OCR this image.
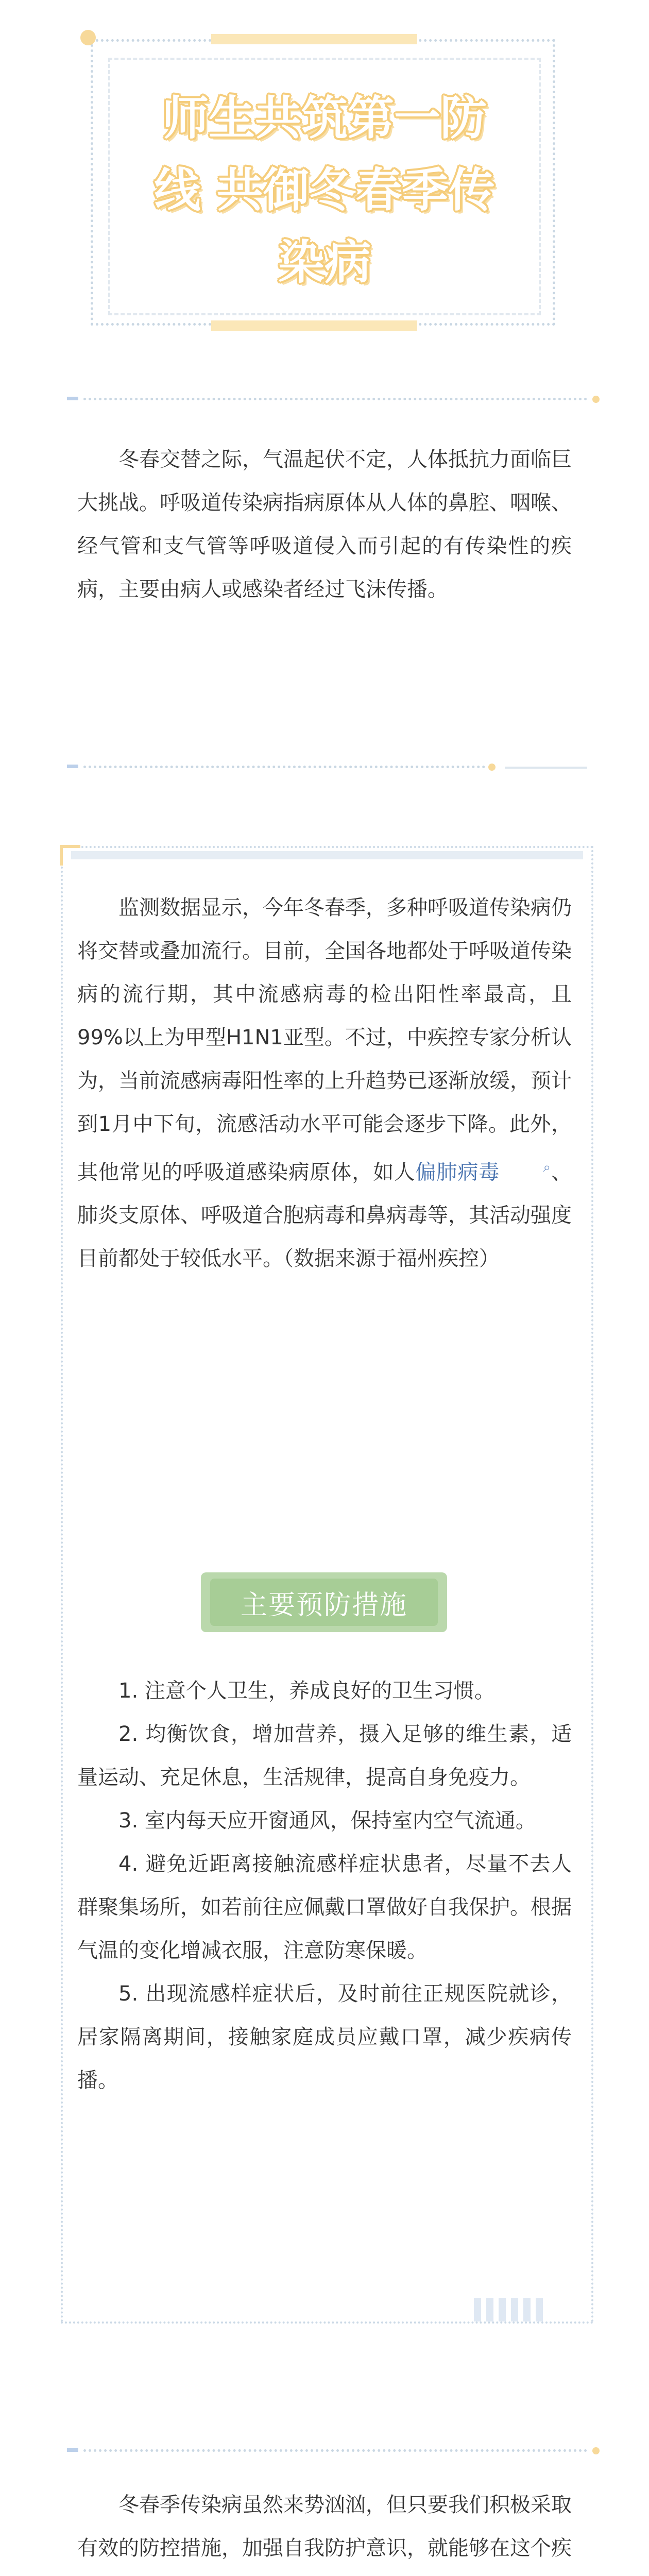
师生共筑第一防
线 共御冬春季传
染病

冬春交替之际，气温起伏不定，人体抵抗力面临巨大挑战。呼吸道传染病指病原体从人体的鼻腔、咽喉、经气管和支气管等呼吸道侵入而引起的有传染性的疾病，主要由病人或感染者经过飞沫传播。

监测数据显示，今年冬春季，多种呼吸道传染病仍将交替或叠加流行。目前，全国各地都处于呼吸道传染病的流行期，其中流感病毒的检出阳性率最高，且99%以上为甲型H1N1亚型。不过，中疾控专家分析认为，当前流感病毒阳性率的上升趋势已逐渐放缓，预计到1月中下旬，流感活动水平可能会逐步下降。此外，其他常见的呼吸道感染病原体，如人偏肺病毒	⌕、肺炎支原体、呼吸道合胞病毒和鼻病毒等，其活动强度目前都处于较低水平。（数据来源于福州疾控）

主要预防措施

1. 注意个人卫生，养成良好的卫生习惯。

2. 均衡饮食，增加营养，摄入足够的维生素，适量运动、充足休息，生活规律，提高自身免疫力。

3. 室内每天应开窗通风，保持室内空气流通。

4. 避免近距离接触流感样症状患者，尽量不去人群聚集场所，如若前往应佩戴口罩做好自我保护。根据气温的变化增减衣服，注意防寒保暖。

5. 出现流感样症状后，及时前往正规医院就诊，居家隔离期间，接触家庭成员应戴口罩，减少疾病传播。

冬春季传染病虽然来势汹汹，但只要我们积极采取有效的防控措施，加强自我防护意识，就能够在这个疾
